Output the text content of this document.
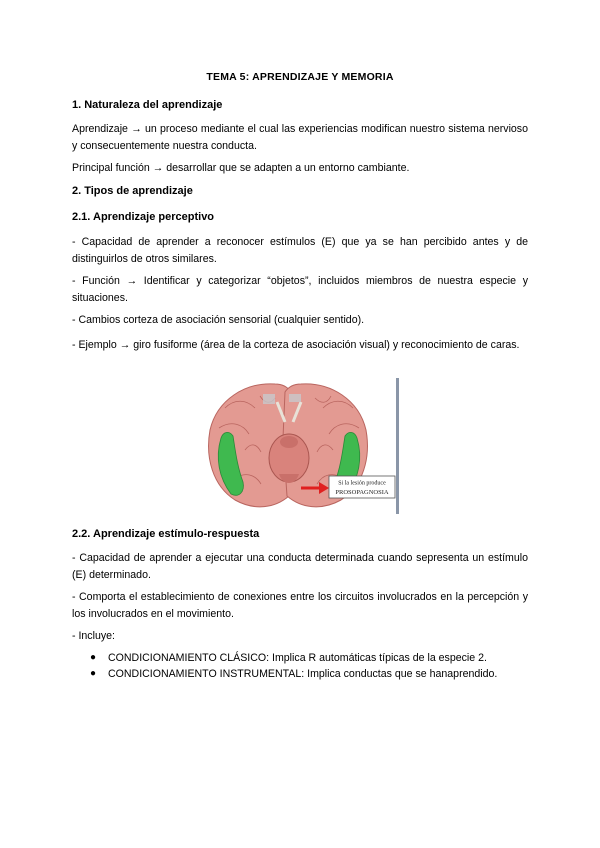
TEMA 5: APRENDIZAJE Y MEMORIA
1. Naturaleza del aprendizaje
Aprendizaje → un proceso mediante el cual las experiencias modifican nuestro sistema nervioso y consecuentemente nuestra conducta.
Principal función → desarrollar que se adapten a un entorno cambiante.
2. Tipos de aprendizaje
2.1. Aprendizaje perceptivo
- Capacidad de aprender a reconocer estímulos (E) que ya se han percibido antes y de distinguirlos de otros similares.
- Función → Identificar y categorizar “objetos”, incluidos miembros de nuestra especie y situaciones.
- Cambios corteza de asociación sensorial (cualquier sentido).
- Ejemplo → giro fusiforme (área de la corteza de asociación visual) y reconocimiento de caras.
Si la lesión produce
PROSOPAGNOSIA
2.2. Aprendizaje estímulo-respuesta
- Capacidad de aprender a ejecutar una conducta determinada cuando sepresenta un estímulo (E) determinado.
- Comporta el establecimiento de conexiones entre los circuitos involucrados en la percepción y los involucrados en el movimiento.
- Incluye:
● CONDICIONAMIENTO CLÁSICO: Implica R automáticas típicas de la especie 2.
● CONDICIONAMIENTO INSTRUMENTAL: Implica conductas que se hanaprendido.
